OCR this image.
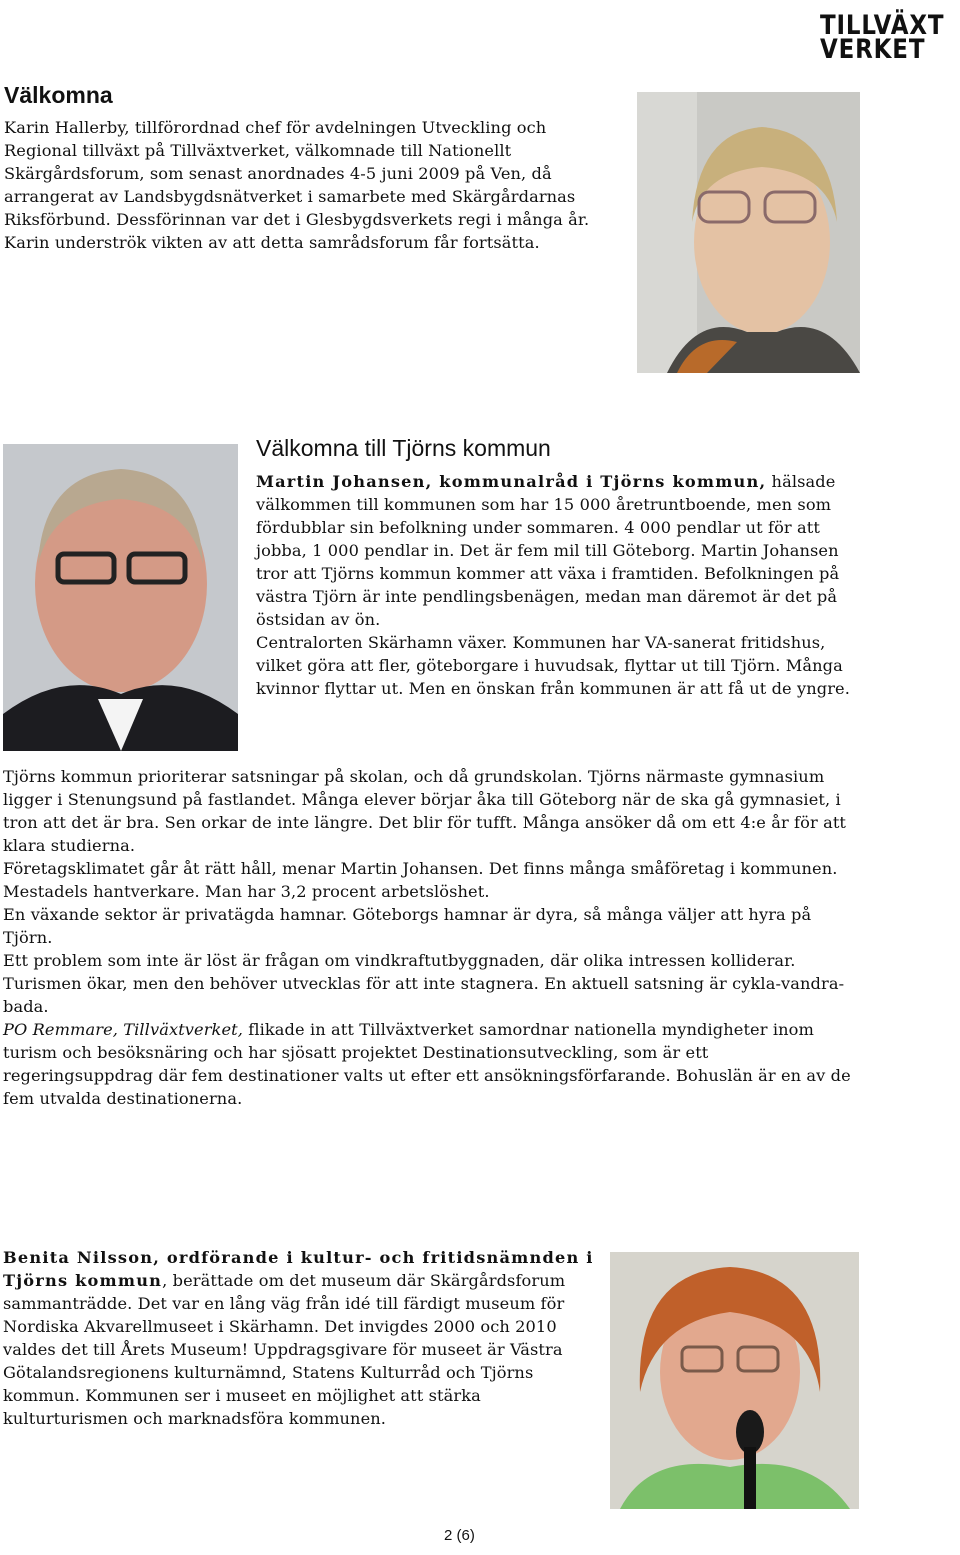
TILLVÄXT
VERKET
Välkomna

Karin Hallerby, tillförordnad chef för avdelningen Utveckling och Regional tillväxt på Tillväxtverket, välkomnade till Nationellt Skärgårdsforum, som senast anordnades 4-5 juni 2009 på Ven, då arrangerat av Landsbygdsnätverket i samarbete med Skärgårdarnas Riksförbund. Dessförinnan var det i Glesbygdsverkets regi i många år. Karin underströk vikten av att detta samrådsforum får fortsätta.

Välkomna till Tjörns kommun

Martin Johansen, kommunalråd i Tjörns kommun, hälsade välkommen till kommunen som har 15 000 åretruntboende, men som fördubblar sin befolkning under sommaren. 4 000 pendlar ut för att jobba, 1 000 pendlar in. Det är fem mil till Göteborg. Martin Johansen tror att Tjörns kommun kommer att växa i framtiden. Befolkningen på västra Tjörn är inte pendlingsbenägen, medan man däremot är det på östsidan av ön.

Centralorten Skärhamn växer. Kommunen har VA-sanerat fritidshus, vilket göra att fler, göteborgare i huvudsak, flyttar ut till Tjörn. Många kvinnor flyttar ut. Men en önskan från kommunen är att få ut de yngre.

Tjörns kommun prioriterar satsningar på skolan, och då grundskolan. Tjörns närmaste gymnasium ligger i Stenungsund på fastlandet. Många elever börjar åka till Göteborg när de ska gå gymnasiet, i tron att det är bra. Sen orkar de inte längre. Det blir för tufft. Många ansöker då om ett 4:e år för att klara studierna.

Företagsklimatet går åt rätt håll, menar Martin Johansen. Det finns många småföretag i kommunen. Mestadels hantverkare. Man har 3,2 procent arbetslöshet.
En växande sektor är privatägda hamnar. Göteborgs hamnar är dyra, så många väljer att hyra på Tjörn.

Ett problem som inte är löst är frågan om vindkraftutbyggnaden, där olika intressen kolliderar.

Turismen ökar, men den behöver utvecklas för att inte stagnera. En aktuell satsning är cykla-vandra-bada.

PO Remmare, Tillväxtverket, flikade in att Tillväxtverket samordnar nationella myndigheter inom turism och besöksnäring och har sjösatt projektet Destinationsutveckling, som är ett regeringsuppdrag där fem destinationer valts ut efter ett ansökningsförfarande. Bohuslän är en av de fem utvalda destinationerna.

Benita Nilsson, ordförande i kultur- och fritidsnämnden i Tjörns kommun, berättade om det museum där Skärgårdsforum sammanträdde. Det var en lång väg från idé till färdigt museum för Nordiska Akvarellmuseet i Skärhamn. Det invigdes 2000 och 2010 valdes det till Årets Museum! Uppdragsgivare för museet är Västra Götalandsregionens kulturnämnd, Statens Kulturråd och Tjörns kommun. Kommunen ser i museet en möjlighet att stärka kulturturismen och marknadsföra kommunen.

2 (6)
